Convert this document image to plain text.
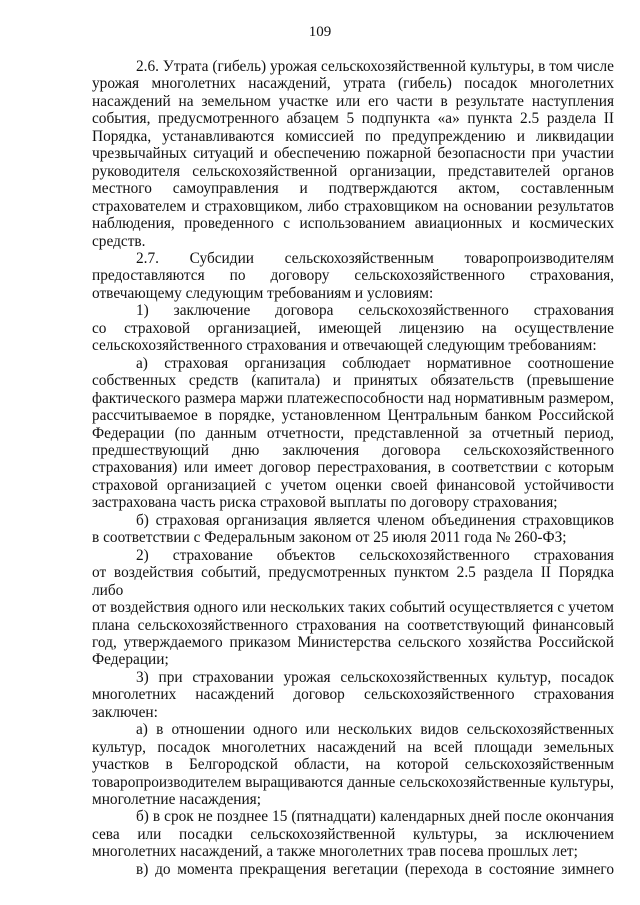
109

2.6. Утрата (гибель) урожая сельскохозяйственной культуры, в том числе

урожая многолетних насаждений, утрата (гибель) посадок многолетних

насаждений на земельном участке или его части в результате наступления

события, предусмотренного абзацем 5 подпункта «а» пункта 2.5 раздела II

Порядка, устанавливаются комиссией по предупреждению и ликвидации

чрезвычайных ситуаций и обеспечению пожарной безопасности при участии

руководителя сельскохозяйственной организации, представителей органов

местного самоуправления и подтверждаются актом, составленным

страхователем и страховщиком, либо страховщиком на основании результатов

наблюдения, проведенного с использованием авиационных и космических

средств.

2.7. Субсидии сельскохозяйственным товаропроизводителям

предоставляются по договору сельскохозяйственного страхования,

отвечающему следующим требованиям и условиям:

1) заключение договора сельскохозяйственного страхования

со страховой организацией, имеющей лицензию на осуществление

сельскохозяйственного страхования и отвечающей следующим требованиям:

а) страховая организация соблюдает нормативное соотношение

собственных средств (капитала) и принятых обязательств (превышение

фактического размера маржи платежеспособности над нормативным размером,

рассчитываемое в порядке, установленном Центральным банком Российской

Федерации (по данным отчетности, представленной за отчетный период,

предшествующий дню заключения договора сельскохозяйственного

страхования) или имеет договор перестрахования, в соответствии с которым

страховой организацией с учетом оценки своей финансовой устойчивости

застрахована часть риска страховой выплаты по договору страхования;

б) страховая организация является членом объединения страховщиков

в соответствии с Федеральным законом от 25 июля 2011 года № 260-ФЗ;

2) страхование объектов сельскохозяйственного страхования

от воздействия событий, предусмотренных пунктом 2.5 раздела II Порядка либо

от воздействия одного или нескольких таких событий осуществляется с учетом

плана сельскохозяйственного страхования на соответствующий финансовый

год, утверждаемого приказом Министерства сельского хозяйства Российской

Федерации;

3) при страховании урожая сельскохозяйственных культур, посадок

многолетних насаждений договор сельскохозяйственного страхования

заключен:

а) в отношении одного или нескольких видов сельскохозяйственных

культур, посадок многолетних насаждений на всей площади земельных

участков в Белгородской области, на которой сельскохозяйственным

товаропроизводителем выращиваются данные сельскохозяйственные культуры,

многолетние насаждения;

б) в срок не позднее 15 (пятнадцати) календарных дней после окончания

сева или посадки сельскохозяйственной культуры, за исключением

многолетних насаждений, а также многолетних трав посева прошлых лет;

в) до момента прекращения вегетации (перехода в состояние зимнего
